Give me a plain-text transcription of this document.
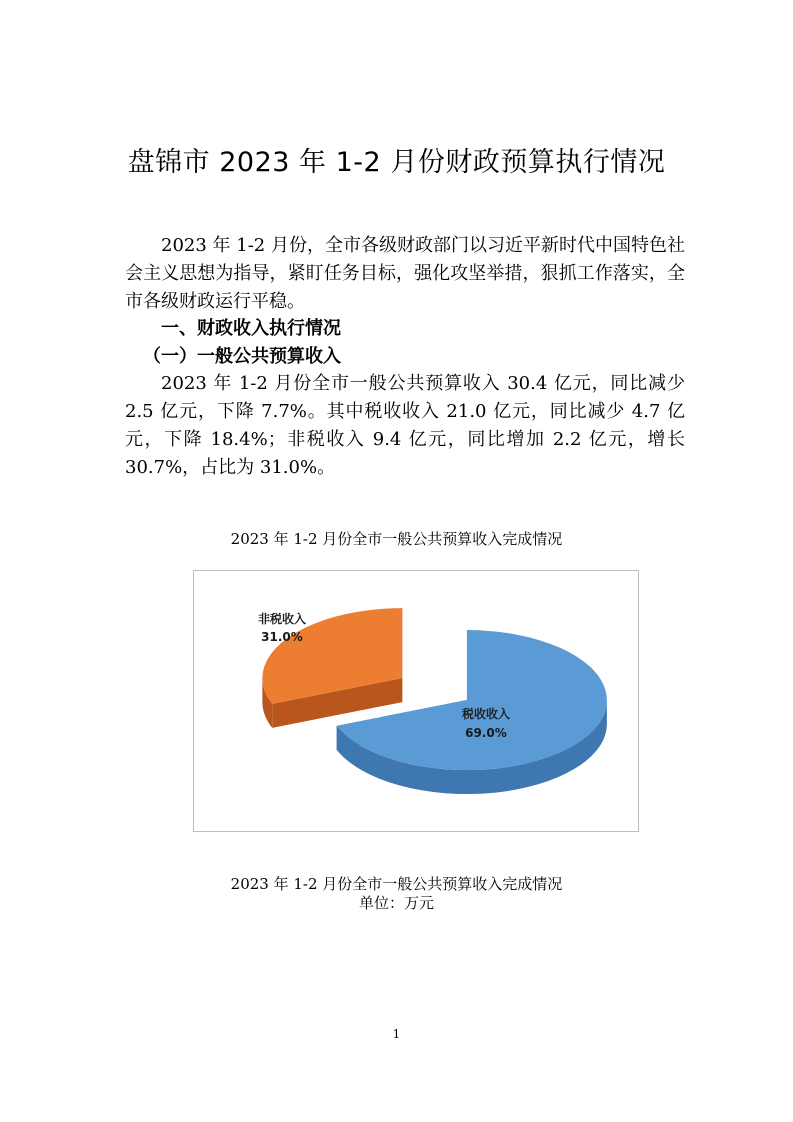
盘锦市 2023 年 1-2 月份财政预算执行情况

2023 年 1-2 月份，全市各级财政部门以习近平新时代中国特色社会主义思想为指导，紧盯任务目标，强化攻坚举措，狠抓工作落实，全市各级财政运行平稳。

一、财政收入执行情况
（一）一般公共预算收入

2023 年 1-2 月份全市一般公共预算收入 30.4 亿元，同比减少 2.5 亿元，下降 7.7%。其中税收收入 21.0 亿元，同比减少 4.7 亿元，下降 18.4%；非税收入 9.4 亿元，同比增加 2.2 亿元，增长 30.7%，占比为 31.0%。

2023 年 1-2 月份全市一般公共预算收入完成情况
非税收入
31.0%
税收收入
69.0%
2023 年 1-2 月份全市一般公共预算收入完成情况
单位：万元
1
